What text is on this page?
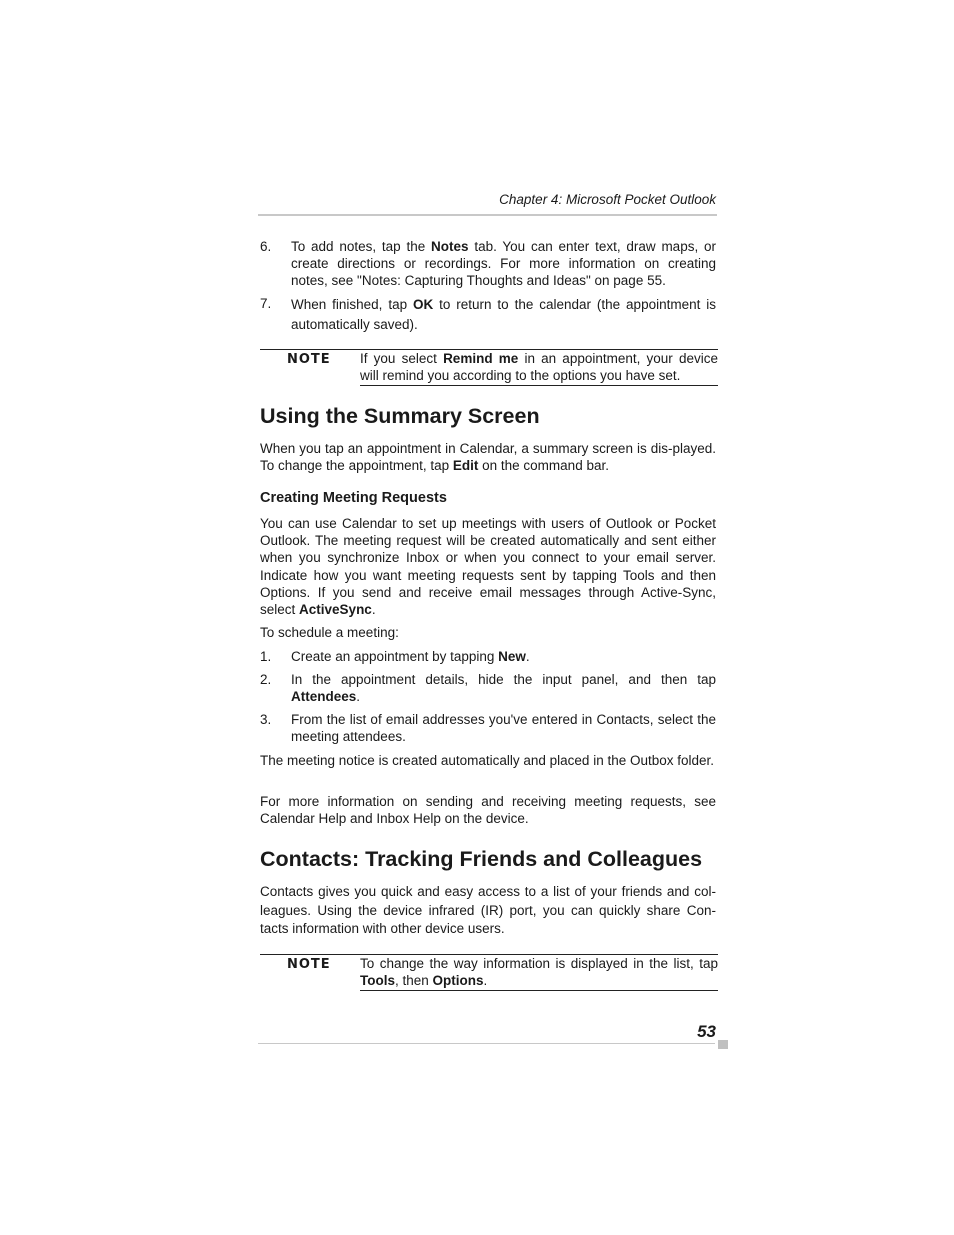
Chapter 4: Microsoft Pocket Outlook
6. To add notes, tap the Notes tab. You can enter text, draw maps, or create directions or recordings. For more information on creating notes, see "Notes: Capturing Thoughts and Ideas" on page 55.

7. When finished, tap OK to return to the calendar (the appointment is automatically saved).

NOTE If you select Remind me in an appointment, your device will remind you according to the options you have set.

Using the Summary Screen

When you tap an appointment in Calendar, a summary screen is dis-played. To change the appointment, tap Edit on the command bar.

Creating Meeting Requests

You can use Calendar to set up meetings with users of Outlook or Pocket Outlook. The meeting request will be created automatically and sent either when you synchronize Inbox or when you connect to your email server. Indicate how you want meeting requests sent by tapping Tools and then Options. If you send and receive email messages through Active-Sync, select ActiveSync.

To schedule a meeting:

1. Create an appointment by tapping New.

2. In the appointment details, hide the input panel, and then tap Attendees.

3. From the list of email addresses you've entered in Contacts, select the meeting attendees.

The meeting notice is created automatically and placed in the Outbox folder.

For more information on sending and receiving meeting requests, see Calendar Help and Inbox Help on the device.

Contacts: Tracking Friends and Colleagues

Contacts gives you quick and easy access to a list of your friends and col-leagues. Using the device infrared (IR) port, you can quickly share Con-tacts information with other device users.

NOTE To change the way information is displayed in the list, tap Tools, then Options.

53
